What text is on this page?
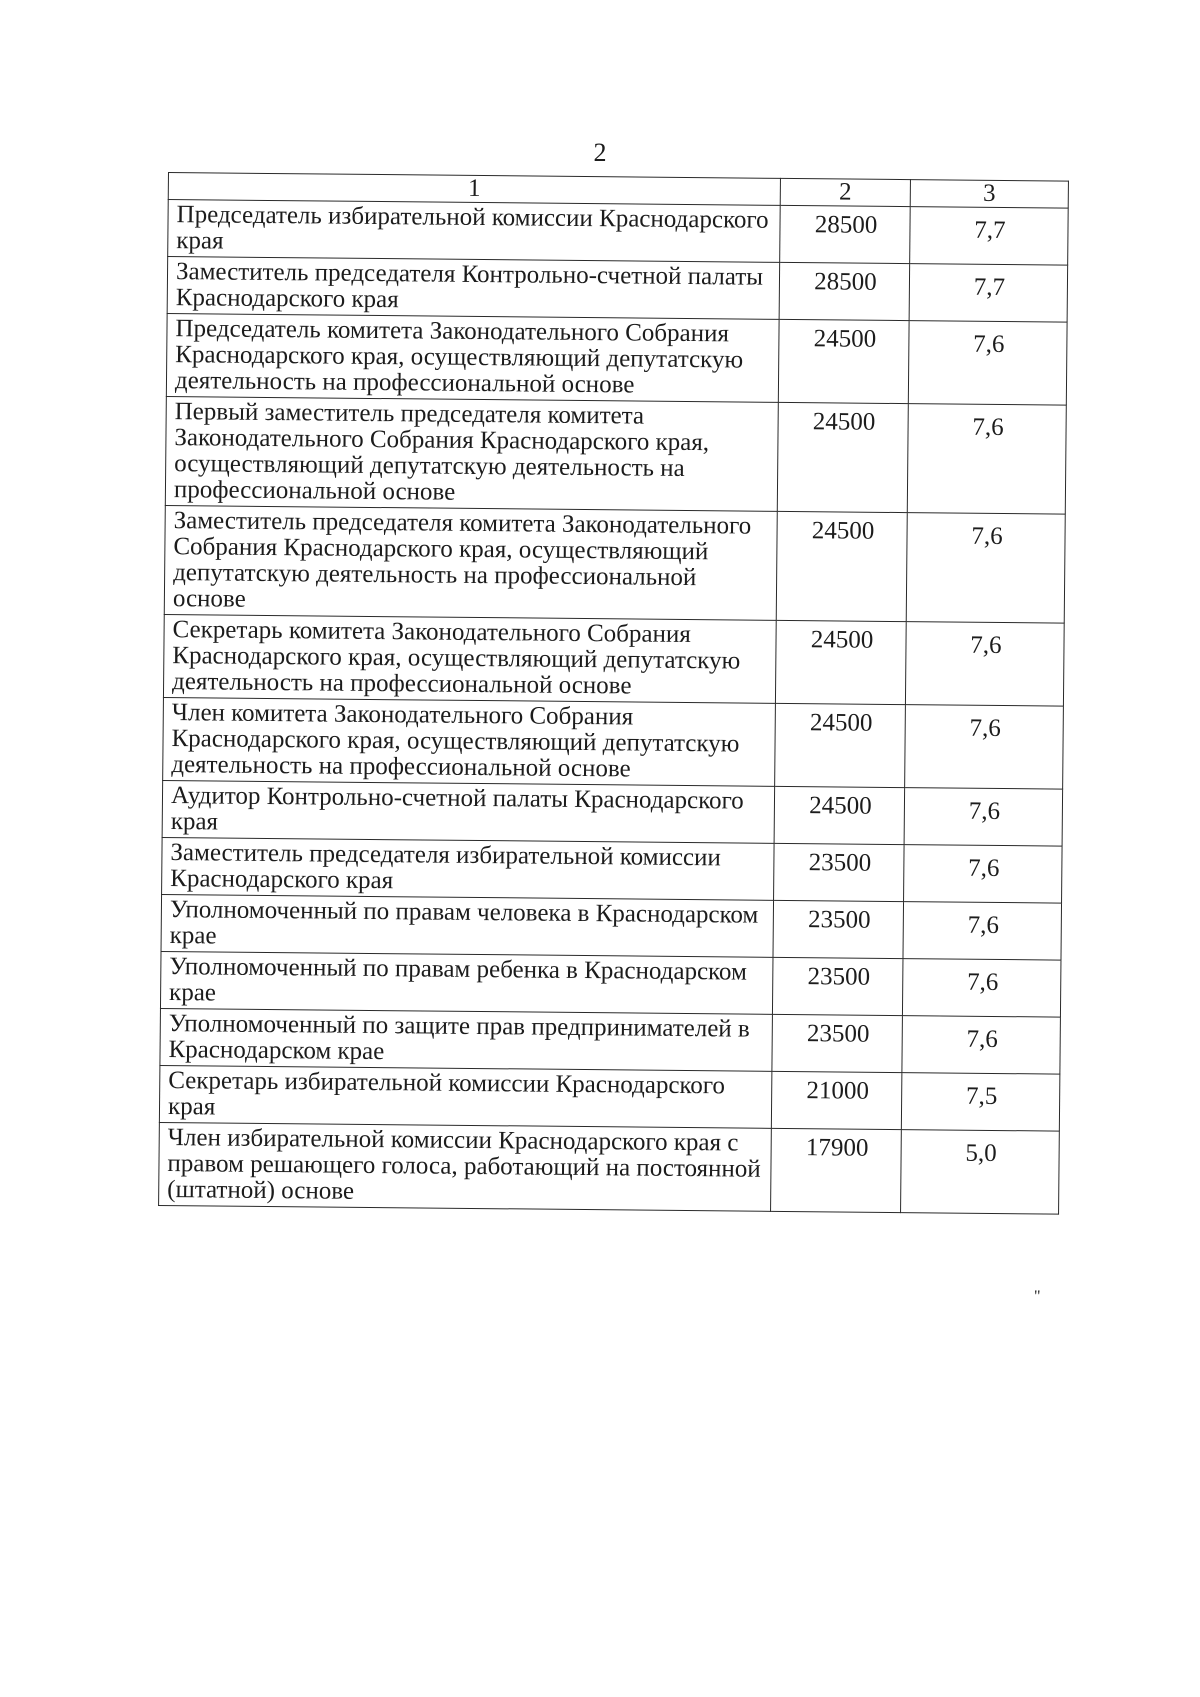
2
1	2	3
Председатель избирательной комиссии Краснодарского края	28500	7,7
Заместитель председателя Контрольно-счетной палаты Краснодарского края	28500	7,7
Председатель комитета Законодательного Собрания Краснодарского края, осуществляющий депутатскую деятельность на профессиональной основе	24500	7,6
Первый заместитель председателя комитета Законодательного Собрания Краснодарского края, осуществляющий депутатскую деятельность на профессиональной основе	24500	7,6
Заместитель председателя комитета Законодательного Собрания Краснодарского края, осуществляющий депутатскую деятельность на профессиональной основе	24500	7,6
Секретарь комитета Законодательного Собрания Краснодарского края, осуществляющий депутатскую деятельность на профессиональной основе	24500	7,6
Член комитета Законодательного Собрания Краснодарского края, осуществляющий депутатскую деятельность на профессиональной основе	24500	7,6
Аудитор Контрольно-счетной палаты Краснодарского края	24500	7,6
Заместитель председателя избирательной комиссии Краснодарского края	23500	7,6
Уполномоченный по правам человека в Краснодарском крае	23500	7,6
Уполномоченный по правам ребенка в Краснодарском крае	23500	7,6
Уполномоченный по защите прав предпринимателей в Краснодарском крае	23500	7,6
Секретарь избирательной комиссии Краснодарского края	21000	7,5
Член избирательной комиссии Краснодарского края с правом решающего голоса, работающий на постоянной (штатной) основе	17900	5,0
"
